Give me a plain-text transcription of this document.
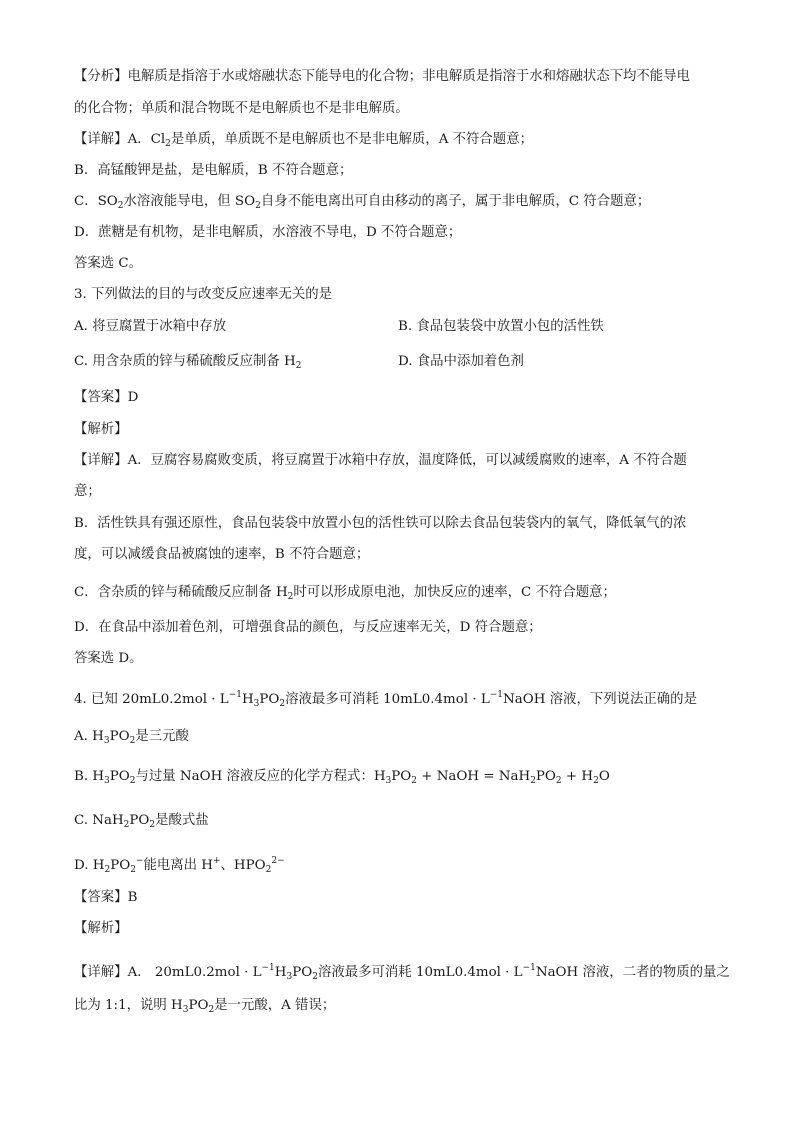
【分析】电解质是指溶于水或熔融状态下能导电的化合物；非电解质是指溶于水和熔融状态下均不能导电
的化合物；单质和混合物既不是电解质也不是非电解质。
【详解】A．$Cl_2$是单质，单质既不是电解质也不是非电解质，A 不符合题意；
B．高锰酸钾是盐，是电解质，B 不符合题意；
C．$SO_2$水溶液能导电，但 $SO_2$自身不能电离出可自由移动的离子，属于非电解质，C 符合题意；
D．蔗糖是有机物，是非电解质，水溶液不导电，D 不符合题意；
答案选 C。
3. 下列做法的目的与改变反应速率无关的是
A. 将豆腐置于冰箱中存放	B. 食品包装袋中放置小包的活性铁
C. 用含杂质的锌与稀硫酸反应制备 $H_2$	D. 食品中添加着色剂
【答案】D
【解析】
【详解】A．豆腐容易腐败变质，将豆腐置于冰箱中存放，温度降低，可以减缓腐败的速率，A 不符合题
意；
B．活性铁具有强还原性，食品包装袋中放置小包的活性铁可以除去食品包装袋内的氧气，降低氧气的浓
度，可以减缓食品被腐蚀的速率，B 不符合题意；
C．含杂质的锌与稀硫酸反应制备 $H_2$时可以形成原电池，加快反应的速率，C 不符合题意；
D．在食品中添加着色剂，可增强食品的颜色，与反应速率无关，D 符合题意；
答案选 D。
4. 已知 $20mL0.2mol \cdot L^{-1}H_3PO_2$溶液最多可消耗 $10mL0.4mol \cdot L^{-1}NaOH$ 溶液，下列说法正确的是
A. $H_3PO_2$是三元酸
B. $H_3PO_2$与过量 NaOH 溶液反应的化学方程式：$H_3PO_2$ + NaOH = $NaH_2PO_2 + H_2O$
C. $NaH_2PO_2$是酸式盐
D. $H_2PO_2^-$能电离出 H+、$HPO_2^{2-}$
【答案】B
【解析】
【详解】A． $20mL0.2mol \cdot L^{-1}H_3PO_2$溶液最多可消耗 $10mL0.4mol \cdot L^{-1}NaOH$ 溶液，二者的物质的量之
比为 1:1，说明 $H_3PO_2$是一元酸，A 错误；
